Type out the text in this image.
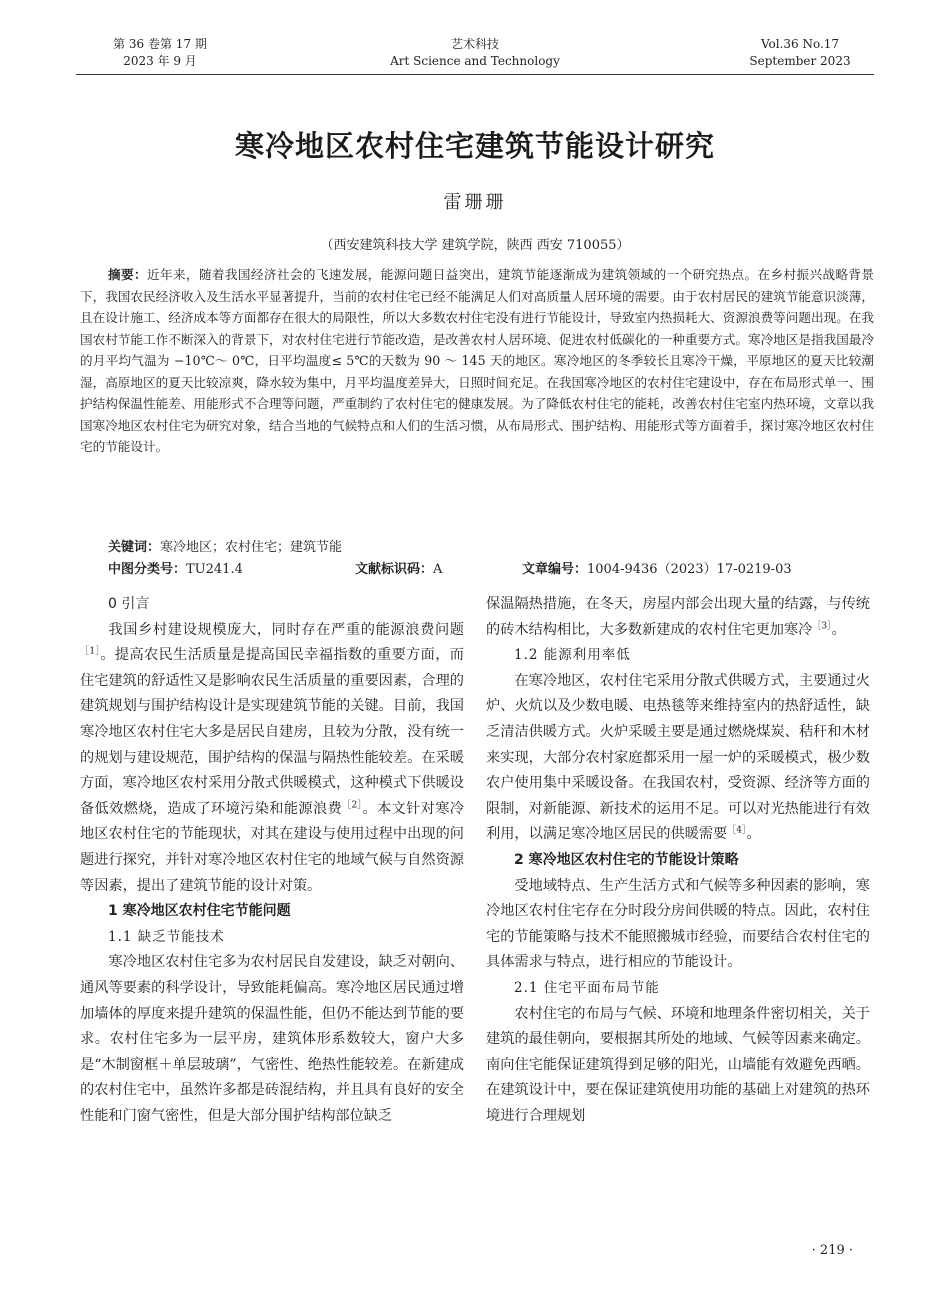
第 36 卷第 17 期
2023 年 9 月
艺术科技
Art Science and Technology
Vol.36 No.17
September 2023
寒冷地区农村住宅建筑节能设计研究
雷珊珊
（西安建筑科技大学 建筑学院，陕西 西安 710055）

摘要：近年来，随着我国经济社会的飞速发展，能源问题日益突出，建筑节能逐渐成为建筑领域的一个研究热点。在乡村振兴战略背景下，我国农民经济收入及生活水平显著提升，当前的农村住宅已经不能满足人们对高质量人居环境的需要。由于农村居民的建筑节能意识淡薄，且在设计施工、经济成本等方面都存在很大的局限性，所以大多数农村住宅没有进行节能设计，导致室内热损耗大、资源浪费等问题出现。在我国农村节能工作不断深入的背景下，对农村住宅进行节能改造，是改善农村人居环境、促进农村低碳化的一种重要方式。寒冷地区是指我国最冷的月平均气温为 −10℃～ 0℃，日平均温度≤ 5℃的天数为 90 ～ 145 天的地区。寒冷地区的冬季较长且寒冷干燥，平原地区的夏天比较潮湿，高原地区的夏天比较凉爽，降水较为集中，月平均温度差异大，日照时间充足。在我国寒冷地区的农村住宅建设中，存在布局形式单一、围护结构保温性能差、用能形式不合理等问题，严重制约了农村住宅的健康发展。为了降低农村住宅的能耗，改善农村住宅室内热环境，文章以我国寒冷地区农村住宅为研究对象，结合当地的气候特点和人们的生活习惯，从布局形式、围护结构、用能形式等方面着手，探讨寒冷地区农村住宅的节能设计。

关键词：寒冷地区；农村住宅；建筑节能
中图分类号：TU241.4	文献标识码：A	文章编号：1004-9436（2023）17-0219-03
0 引言

我国乡村建设规模庞大，同时存在严重的能源浪费问题$^{[1]}$。提高农民生活质量是提高国民幸福指数的重要方面，而住宅建筑的舒适性又是影响农民生活质量的重要因素，合理的建筑规划与围护结构设计是实现建筑节能的关键。目前，我国寒冷地区农村住宅大多是居民自建房，且较为分散，没有统一的规划与建设规范，围护结构的保温与隔热性能较差。在采暖方面，寒冷地区农村采用分散式供暖模式，这种模式下供暖设备低效燃烧，造成了环境污染和能源浪费$^{[2]}$。本文针对寒冷地区农村住宅的节能现状，对其在建设与使用过程中出现的问题进行探究，并针对寒冷地区农村住宅的地域气候与自然资源等因素，提出了建筑节能的设计对策。

1 寒冷地区农村住宅节能问题
1.1 缺乏节能技术

寒冷地区农村住宅多为农村居民自发建设，缺乏对朝向、通风等要素的科学设计，导致能耗偏高。寒冷地区居民通过增加墙体的厚度来提升建筑的保温性能，但仍不能达到节能的要求。农村住宅多为一层平房，建筑体形系数较大，窗户大多是“木制窗框＋单层玻璃”，气密性、绝热性能较差。在新建成的农村住宅中，虽然许多都是砖混结构，并且具有良好的安全性能和门窗气密性，但是大部分围护结构部位缺乏

保温隔热措施，在冬天，房屋内部会出现大量的结露，与传统的砖木结构相比，大多数新建成的农村住宅更加寒冷$^{[3]}$。

1.2 能源利用率低

在寒冷地区，农村住宅采用分散式供暖方式，主要通过火炉、火炕以及少数电暖、电热毯等来维持室内的热舒适性，缺乏清洁供暖方式。火炉采暖主要是通过燃烧煤炭、秸秆和木材来实现，大部分农村家庭都采用一屋一炉的采暖模式，极少数农户使用集中采暖设备。在我国农村，受资源、经济等方面的限制，对新能源、新技术的运用不足。可以对光热能进行有效利用，以满足寒冷地区居民的供暖需要$^{[4]}$。

2 寒冷地区农村住宅的节能设计策略

受地域特点、生产生活方式和气候等多种因素的影响，寒冷地区农村住宅存在分时段分房间供暖的特点。因此，农村住宅的节能策略与技术不能照搬城市经验，而要结合农村住宅的具体需求与特点，进行相应的节能设计。

2.1 住宅平面布局节能

农村住宅的布局与气候、环境和地理条件密切相关，关于建筑的最佳朝向，要根据其所处的地域、气候等因素来确定。南向住宅能保证建筑得到足够的阳光，山墙能有效避免西晒。在建筑设计中，要在保证建筑使用功能的基础上对建筑的热环境进行合理规划

· 219 ·
